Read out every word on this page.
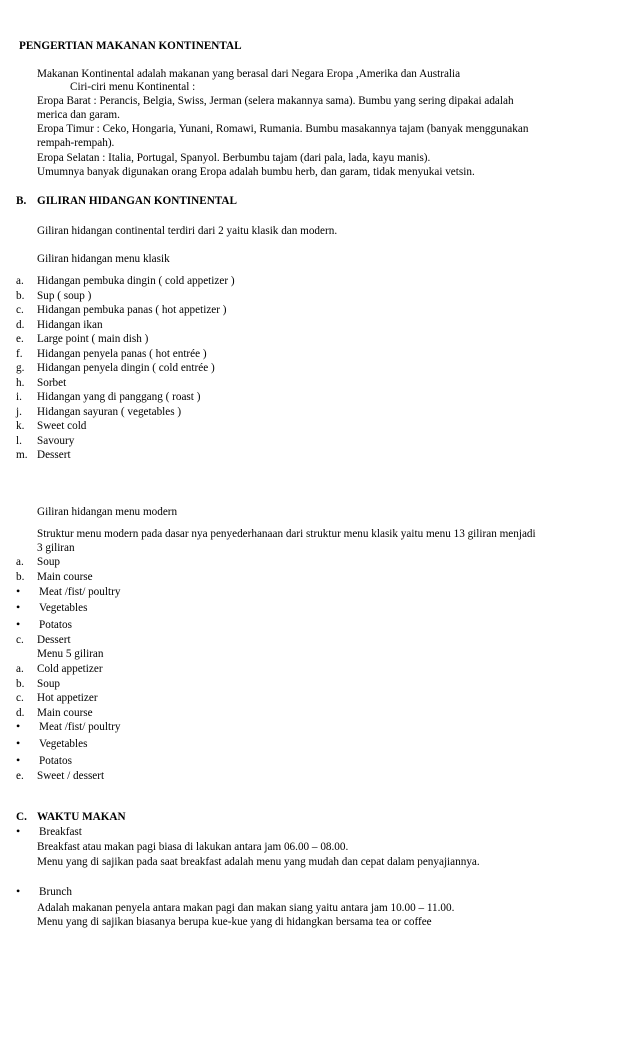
PENGERTIAN MAKANAN KONTINENTAL
Makanan Kontinental adalah makanan yang berasal dari Negara Eropa ,Amerika dan Australia
Ciri-ciri menu Kontinental :
Eropa Barat : Perancis, Belgia, Swiss, Jerman (selera makannya sama). Bumbu yang sering dipakai adalah
merica dan garam.
Eropa Timur : Ceko, Hongaria, Yunani, Romawi, Rumania. Bumbu masakannya tajam (banyak menggunakan
rempah-rempah).
Eropa Selatan : Italia, Portugal, Spanyol. Berbumbu tajam (dari pala, lada, kayu manis).
Umumnya banyak digunakan orang Eropa adalah bumbu herb, dan garam, tidak menyukai vetsin.
B. GILIRAN HIDANGAN KONTINENTAL
Giliran hidangan continental terdiri dari 2 yaitu klasik dan modern.
Giliran hidangan menu klasik
a. Hidangan pembuka dingin ( cold appetizer )
b. Sup ( soup )
c. Hidangan pembuka panas ( hot appetizer )
d. Hidangan ikan
e. Large point ( main dish )
f. Hidangan penyela panas ( hot entrée )
g. Hidangan penyela dingin ( cold entrée )
h. Sorbet
i. Hidangan yang di panggang ( roast )
j. Hidangan sayuran ( vegetables )
k. Sweet cold
l. Savoury
m. Dessert
Giliran hidangan menu modern
Struktur menu modern pada dasar nya penyederhanaan dari struktur menu klasik yaitu menu 13 giliran menjadi
3 giliran
a. Soup
b. Main course
• Meat /fist/ poultry
• Vegetables
• Potatos
c. Dessert
Menu 5 giliran
a. Cold appetizer
b. Soup
c. Hot appetizer
d. Main course
• Meat /fist/ poultry
• Vegetables
• Potatos
e. Sweet / dessert
C. WAKTU MAKAN
• Breakfast
Breakfast atau makan pagi biasa di lakukan antara jam 06.00 – 08.00.
Menu yang di sajikan pada saat breakfast adalah menu yang mudah dan cepat dalam penyajiannya.
• Brunch
Adalah makanan penyela antara makan pagi dan makan siang yaitu antara jam 10.00 – 11.00.
Menu yang di sajikan biasanya berupa kue-kue yang di hidangkan bersama tea or coffee
